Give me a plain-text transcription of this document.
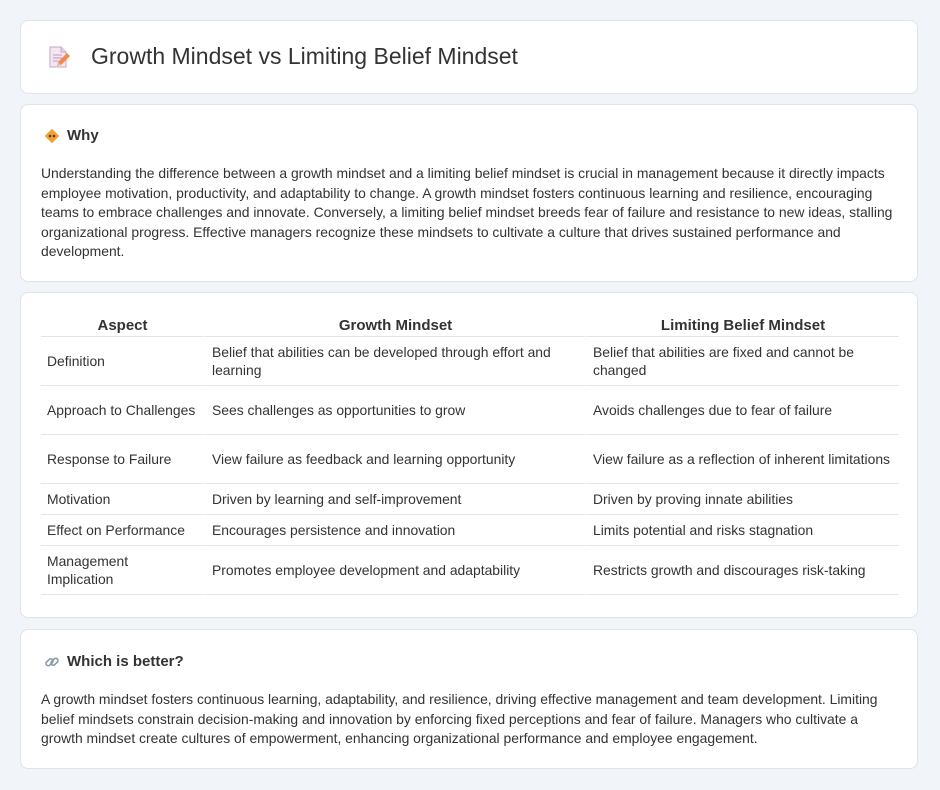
Growth Mindset vs Limiting Belief Mindset
Why
Understanding the difference between a growth mindset and a limiting belief mindset is crucial in management because it directly impacts employee motivation, productivity, and adaptability to change. A growth mindset fosters continuous learning and resilience, encouraging teams to embrace challenges and innovate. Conversely, a limiting belief mindset breeds fear of failure and resistance to new ideas, stalling organizational progress. Effective managers recognize these mindsets to cultivate a culture that drives sustained performance and development.
Aspect	Growth Mindset	Limiting Belief Mindset
Definition	Belief that abilities can be developed through effort and learning	Belief that abilities are fixed and cannot be changed
Approach to Challenges	Sees challenges as opportunities to grow	Avoids challenges due to fear of failure
Response to Failure	View failure as feedback and learning opportunity	View failure as a reflection of inherent limitations
Motivation	Driven by learning and self-improvement	Driven by proving innate abilities
Effect on Performance	Encourages persistence and innovation	Limits potential and risks stagnation
Management Implication	Promotes employee development and adaptability	Restricts growth and discourages risk-taking
Which is better?
A growth mindset fosters continuous learning, adaptability, and resilience, driving effective management and team development. Limiting belief mindsets constrain decision-making and innovation by enforcing fixed perceptions and fear of failure. Managers who cultivate a growth mindset create cultures of empowerment, enhancing organizational performance and employee engagement.
